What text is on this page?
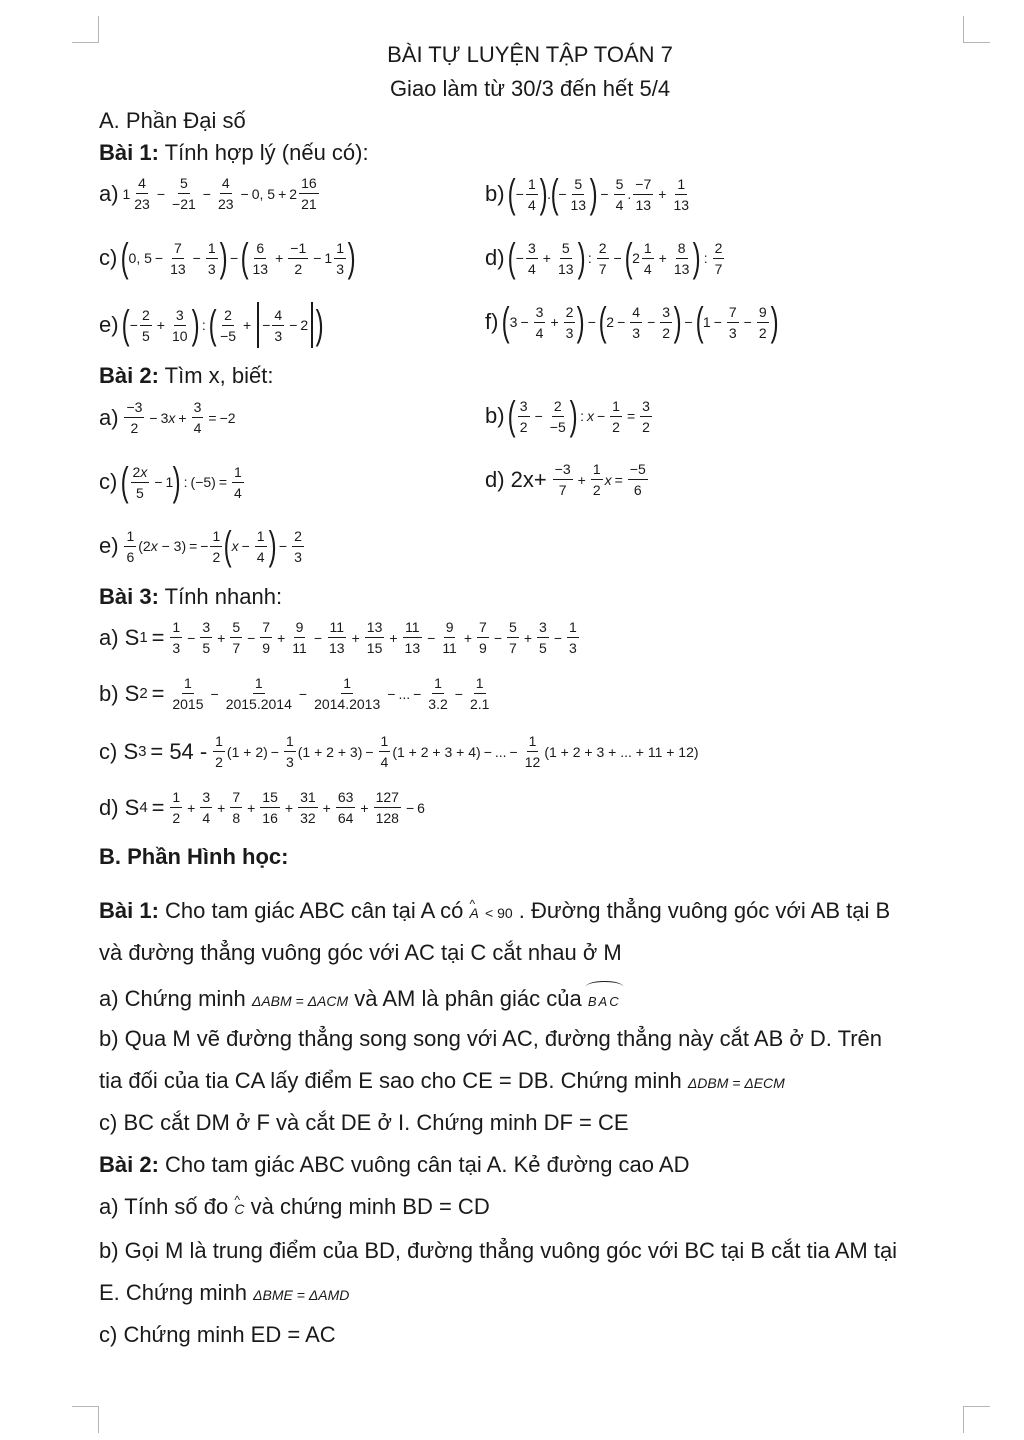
BÀI TỰ LUYỆN TẬP TOÁN 7
Giao làm từ 30/3 đến hết 5/4
A. Phần Đại số
Bài 1: Tính hợp lý (nếu có):
a)
1
4
23
− $\frac{5}{-21} - \frac{4}{23} - 0$, 5 + 2
16
21	b)
( − $\frac{1}{4}$ ) . ( − $\frac{5}{13}$ ) − $\frac{5}{4}$ .
−7
13
+ $\frac{1}{13}$
c)
( 0, $5 - \frac{7}{13} - \frac{1}{3}$ ) − ( 6
13
+ $\frac{-1}{2} - 1$
1
3 )	d)
( − $\frac{3}{4} + \frac{5}{13}$ ) :
2
7
− ( 2
1
4
+ $\frac{8}{13}$ ) :
2
7
e)
( − $\frac{2}{5} + \frac{3}{10}$ ) : ( 2
−5
+ − $\frac{4}{3} - 2$ )	f)
( $3 - \frac{3}{4} + \frac{2}{3}$ ) − ( $2 - \frac{4}{3} - \frac{3}{2}$ ) − ( $1 - \frac{7}{3} - \frac{9}{2}$ )
Bài 2: Tìm x, biết:
a)
−3
2
− 3 $x + \frac{3}{4} = -2$	b)
( 3
2
− $\frac{2}{-5}$ ) : $x - \frac{1}{2} = \frac{3}{2}$
c)
( 2x
5
− 1 ) : $(-5) = \frac{1}{4}$	d) 2x+
$\frac{-3}{7} + \frac{1}{2}$ $x = \frac{-5}{6}$
e)
1
6
(2x − 3) = − $\frac{1}{2}$ ( $x - \frac{1}{4}$ ) − $\frac{2}{3}$
Bài 3: Tính nhanh:
a) S 1
=
$\frac{1}{3} - \frac{3}{5} + \frac{5}{7} - \frac{7}{9} + \frac{9}{11} - \frac{11}{13} + \frac{13}{15} + \frac{11}{13} - \frac{9}{11} + \frac{7}{9} - \frac{5}{7} + \frac{3}{5} - \frac{1}{3}$
b) S 2
=
$\frac{1}{2015} - \frac{1}{2015.2014} - \frac{1}{2014.2013}$ − ... − $\frac{1}{3.2} - \frac{1}{2.1}$
c) S 3
= 54 -
1
2
$(1 + 2) - \frac{1}{3} (1 + 2 + 3) - \frac{1}{4} (1 + 2 + 3 + 4)$ − ... − $\frac{1}{12} (1 + 2 + 3$ + ... + 11 + 12)
d) S 4
=
$\frac{1}{2} + \frac{3}{4} + \frac{7}{8} + \frac{15}{16} + \frac{31}{32} + \frac{63}{64} + \frac{127}{128} - 6$
B. Phần Hình học:
Bài 1: Cho tam giác ABC cân tại A có ^ A < 90 . Đường thẳng vuông góc với AB tại B
và đường thẳng vuông góc với AC tại C cắt nhau ở M
a) Chứng minh ΔABM = ΔACM và AM là phân giác của BAC
b) Qua M vẽ đường thẳng song song với AC, đường thẳng này cắt AB ở D. Trên
tia đối của tia CA lấy điểm E sao cho CE = DB. Chứng minh ΔDBM = ΔECM
c) BC cắt DM ở F và cắt DE ở I. Chứng minh DF = CE
Bài 2: Cho tam giác ABC vuông cân tại A. Kẻ đường cao AD
a) Tính số đo ^ C và chứng minh BD = CD
b) Gọi M là trung điểm của BD, đường thẳng vuông góc với BC tại B cắt tia AM tại
E. Chứng minh ΔBME = ΔAMD
c) Chứng minh ED = AC
